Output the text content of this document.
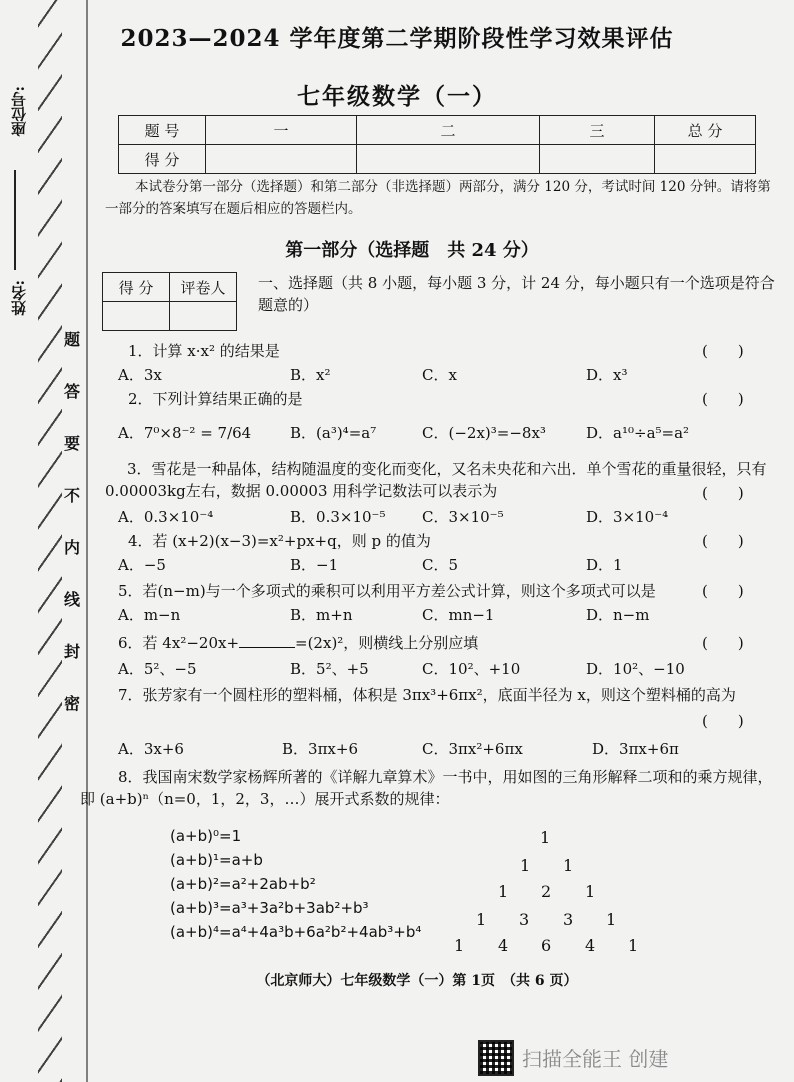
座位号:
姓名:
题
答
要
不
内
线
封
密
2023—2024 学年度第二学期阶段性学习效果评估
七年级数学（一）
题 号	一	二	三	总 分
得 分				
本试卷分第一部分（选择题）和第二部分（非选择题）两部分，满分 120 分，考试时间 120 分钟。请将第一部分的答案填写在题后相应的答题栏内。
第一部分（选择题　共 24 分）
得 分	评卷人
	一、选择题（共 8 小题，每小题 3 分，计 24 分，每小题只有一个选项是符合题意的）
1．计算 x·x² 的结果是	(　　)
A．3x	B．x²	C．x	D．x³
2．下列计算结果正确的是	(　　)
A．7⁰×8⁻² = 7/64	B．(a³)⁴=a⁷	C．(−2x)³=−8x³	D．a¹⁰÷a⁵=a²
3．雪花是一种晶体，结构随温度的变化而变化，又名未央花和六出．单个雪花的重量很轻，只有0.00003kg左右，数据 0.00003 用科学记数法可以表示为	(　　)
A．0.3×10⁻⁴	B．0.3×10⁻⁵ C．3×10⁻⁵	D．3×10⁻⁴
4．若 (x+2)(x−3)=x²+px+q，则 p 的值为	(　　)
A．−5	B．−1	C．5	D．1
5．若(n−m)与一个多项式的乘积可以利用平方差公式计算，则这个多项式可以是	(　　)
A．m−n	B．m+n	C．mn−1	D．n−m
6．若 4x²−20x+	=(2x)²，则横线上分别应填	(　　)
A．5²、−5	B．5²、+5	C．10²、+10	D．10²、−10
7．张芳家有一个圆柱形的塑料桶，体积是 3πx³+6πx²，底面半径为 x，则这个塑料桶的高为
(　　)
A．3x+6	B．3πx+6	C．3πx²+6πx	D．3πx+6π
8．我国南宋数学家杨辉所著的《详解九章算术》一书中，用如图的三角形解释二项和的乘方规律，即 (a+b)ⁿ（n=0，1，2，3，…）展开式系数的规律：
(a+b)⁰=1
(a+b)¹=a+b
(a+b)²=a²+2ab+b²
(a+b)³=a³+3a²b+3ab²+b³
(a+b)⁴=a⁴+4a³b+6a²b²+4ab³+b⁴
1
1 1
1 2 1
1 3 3 1
1 4 6 4 1
（北京师大）七年级数学（一）第 1页　（共 6 页）
扫描全能王 创建
